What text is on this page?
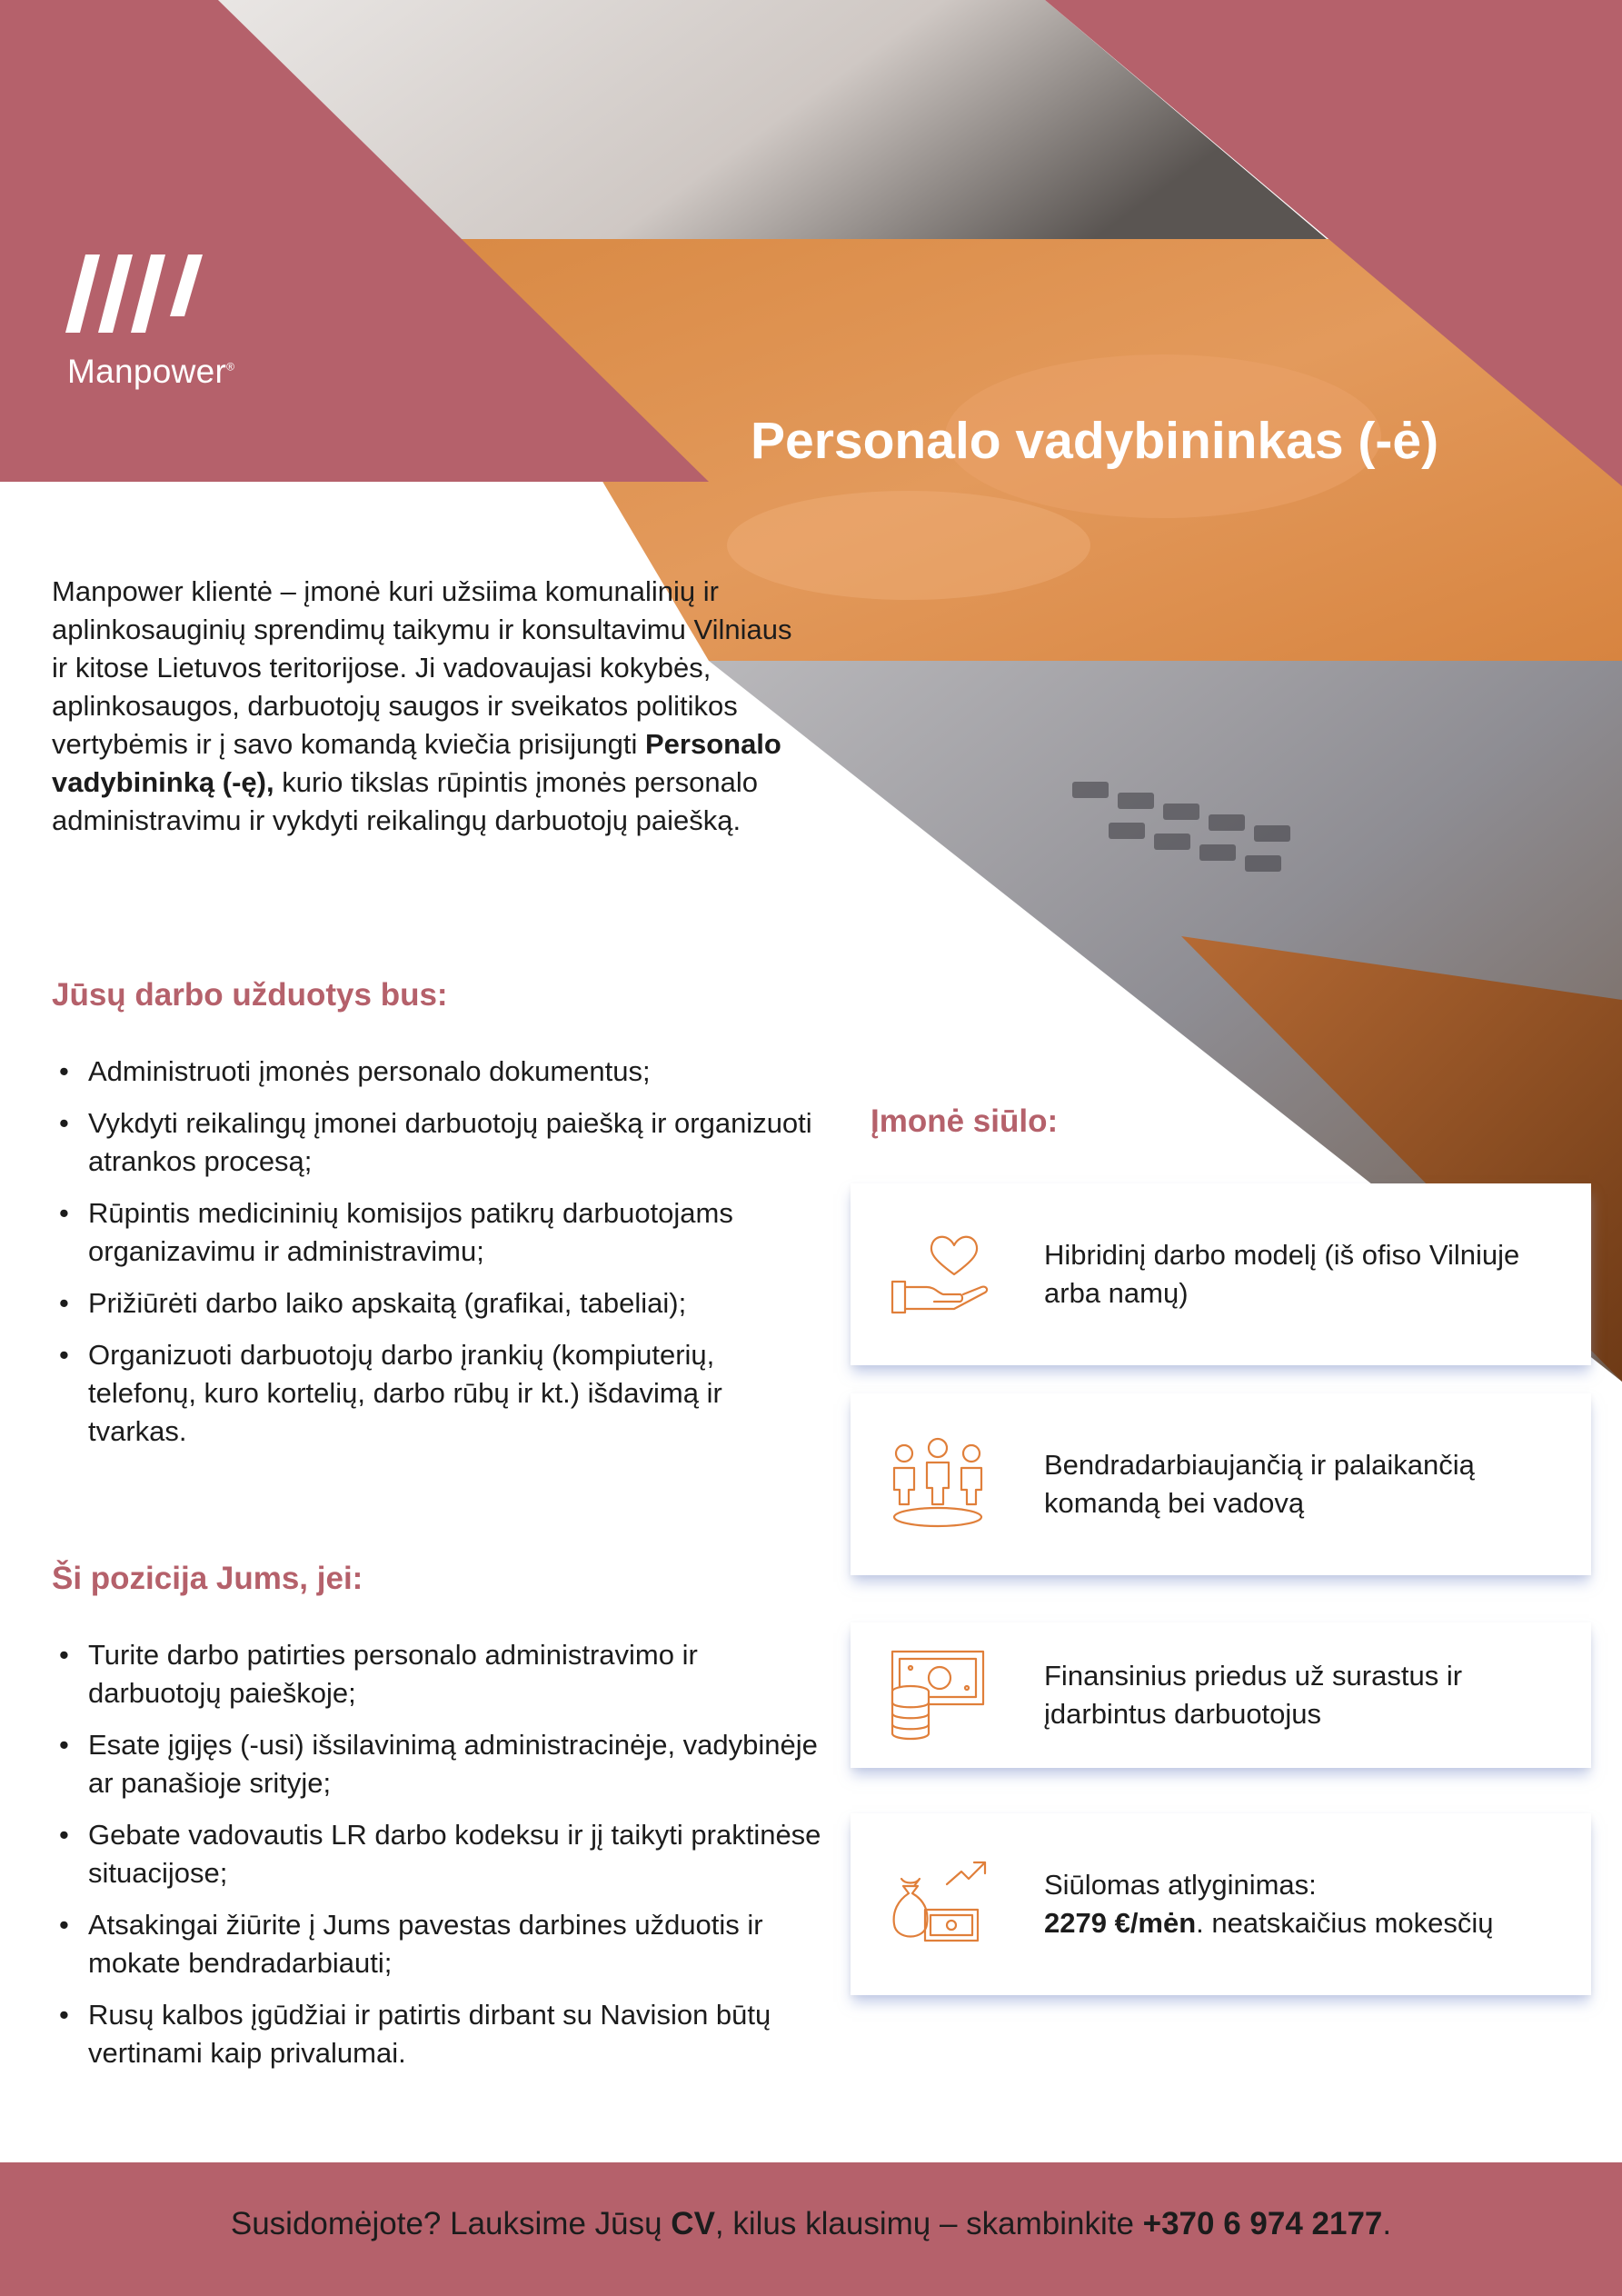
Manpower®
Personalo vadybininkas (-ė)

Manpower klientė – įmonė kuri užsiima komunalinių ir aplinkosauginių sprendimų taikymu ir konsultavimu Vilniaus ir kitose Lietuvos teritorijose. Ji vadovaujasi kokybės, aplinkosaugos, darbuotojų saugos ir sveikatos politikos vertybėmis ir į savo komandą kviečia prisijungti Personalo vadybininką (-ę), kurio tikslas rūpintis įmonės personalo administravimu ir vykdyti reikalingų darbuotojų paiešką.

Jūsų darbo užduotys bus:
• Administruoti įmonės personalo dokumentus;
• Vykdyti reikalingų įmonei darbuotojų paiešką ir organizuoti atrankos procesą;
• Rūpintis medicininių komisijos patikrų darbuotojams organizavimu ir administravimu;
• Prižiūrėti darbo laiko apskaitą (grafikai, tabeliai);
• Organizuoti darbuotojų darbo įrankių (kompiuterių, telefonų, kuro kortelių, darbo rūbų ir kt.) išdavimą ir tvarkas.
Ši pozicija Jums, jei:
• Turite darbo patirties personalo administravimo ir darbuotojų paieškoje;
• Esate įgijęs (-usi) išsilavinimą administracinėje, vadybinėje ar panašioje srityje;
• Gebate vadovautis LR darbo kodeksu ir jį taikyti praktinėse situacijose;
• Atsakingai žiūrite į Jums pavestas darbines užduotis ir mokate bendradarbiauti;
• Rusų kalbos įgūdžiai ir patirtis dirbant su Navision būtų vertinami kaip privalumai.
Įmonė siūlo:
Hibridinį darbo modelį (iš ofiso Vilniuje arba namų)
Bendradarbiaujančią ir palaikančią komandą bei vadovą
Finansinius priedus už surastus ir įdarbintus darbuotojus
Siūlomas atlyginimas:
2279 €/mėn. neatskaičius mokesčių
Susidomėjote? Lauksime Jūsų CV, kilus klausimų – skambinkite +370 6 974 2177.
